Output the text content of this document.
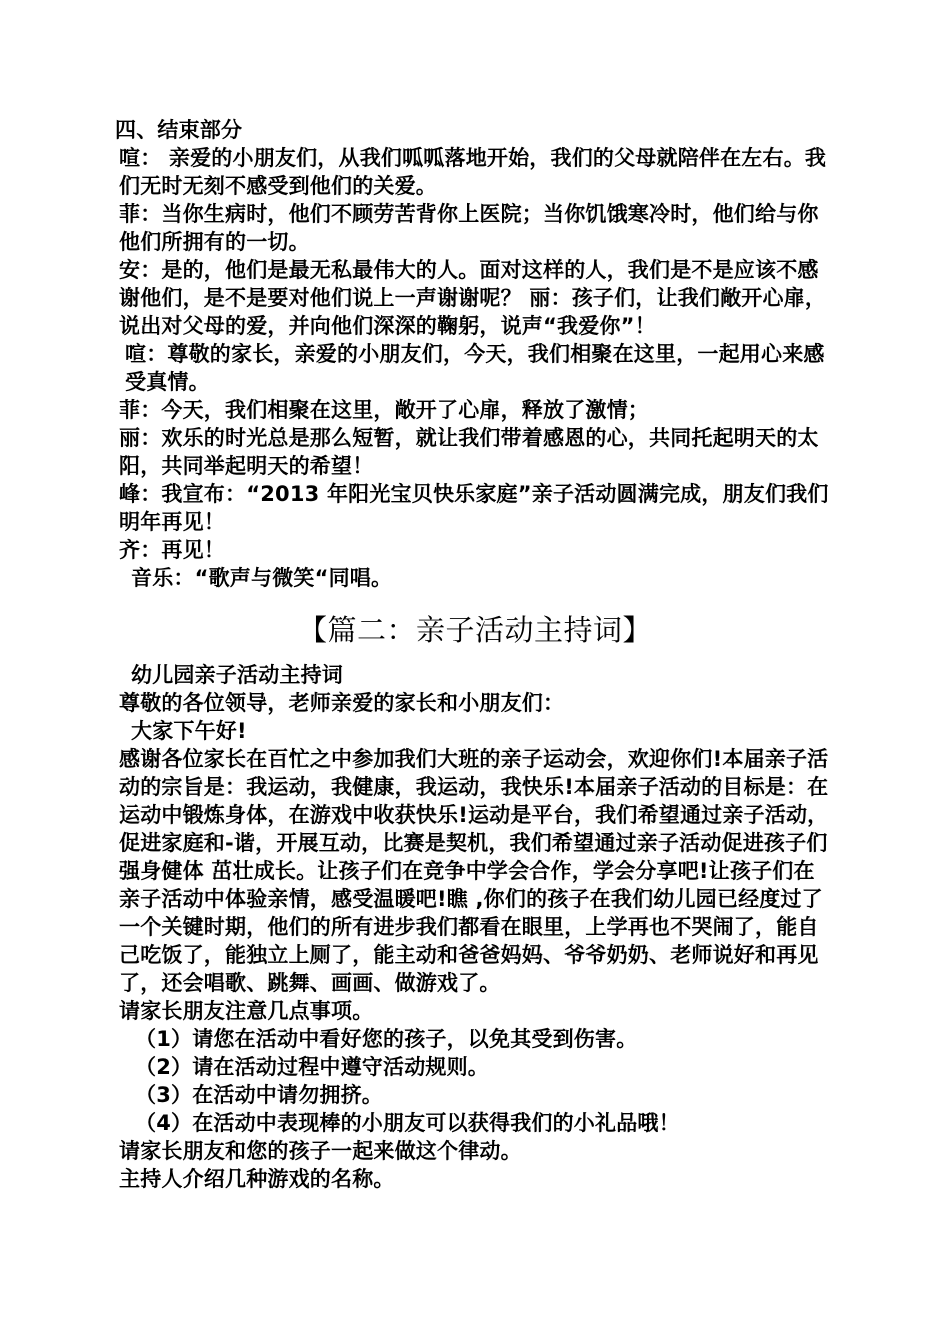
四、结束部分

喧： 亲爱的小朋友们，从我们呱呱落地开始，我们的父母就陪伴在左右。我们无时无刻不感受到他们的关爱。

菲：当你生病时，他们不顾劳苦背你上医院；当你饥饿寒冷时，他们给与你他们所拥有的一切。

安：是的，他们是最无私最伟大的人。面对这样的人，我们是不是应该不感谢他们，是不是要对他们说上一声谢谢呢？ 丽：孩子们，让我们敞开心扉，说出对父母的爱，并向他们深深的鞠躬，说声“我爱你”！

喧：尊敬的家长，亲爱的小朋友们，今天，我们相聚在这里，一起用心来感受真情。

菲：今天，我们相聚在这里，敞开了心扉，释放了激情；

丽：欢乐的时光总是那么短暂，就让我们带着感恩的心，共同托起明天的太阳，共同举起明天的希望！

峰：我宣布：“2013 年阳光宝贝快乐家庭”亲子活动圆满完成，朋友们我们明年再见！

齐：再见！

音乐：“歌声与微笑“同唱。

【篇二：亲子活动主持词】

幼儿园亲子活动主持词

尊敬的各位领导，老师亲爱的家长和小朋友们：

大家下午好!

感谢各位家长在百忙之中参加我们大班的亲子运动会，欢迎你们!本届亲子活动的宗旨是：我运动，我健康，我运动，我快乐!本届亲子活动的目标是：在运动中锻炼身体，在游戏中收获快乐!运动是平台，我们希望通过亲子活动，促进家庭和-谐，开展互动，比赛是契机，我们希望通过亲子活动促进孩子们强身健体 茁壮成长。让孩子们在竞争中学会合作，学会分享吧!让孩子们在亲子活动中体验亲情，感受温暖吧!瞧 ,你们的孩子在我们幼儿园已经度过了一个关键时期，他们的所有进步我们都看在眼里，上学再也不哭闹了，能自己吃饭了，能独立上厕了，能主动和爸爸妈妈、爷爷奶奶、老师说好和再见了，还会唱歌、跳舞、画画、做游戏了。

请家长朋友注意几点事项。

（1）请您在活动中看好您的孩子，以免其受到伤害。

（2）请在活动过程中遵守活动规则。

（3）在活动中请勿拥挤。

（4）在活动中表现棒的小朋友可以获得我们的小礼品哦！

请家长朋友和您的孩子一起来做这个律动。

主持人介绍几种游戏的名称。
